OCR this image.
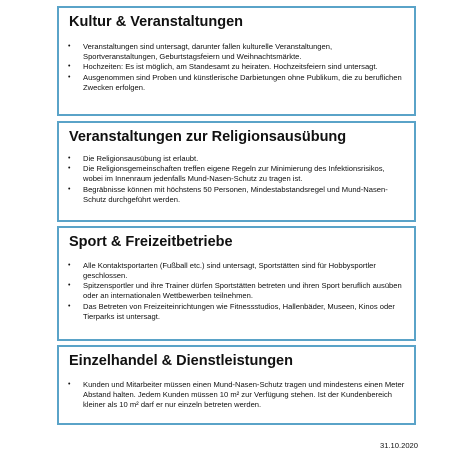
Kultur & Veranstaltungen
• Veranstaltungen sind untersagt, darunter fallen kulturelle Veranstaltungen, Sportveranstaltungen, Geburtstagsfeiern und Weihnachtsmärkte.
• Hochzeiten: Es ist möglich, am Standesamt zu heiraten. Hochzeitsfeiern sind untersagt.
• Ausgenommen sind Proben und künstlerische Darbietungen ohne Publikum, die zu beruflichen Zwecken erfolgen.
Veranstaltungen zur Religionsausübung
• Die Religionsausübung ist erlaubt.
• Die Religionsgemeinschaften treffen eigene Regeln zur Minimierung des Infektionsrisikos, wobei im Innenraum jedenfalls Mund-Nasen-Schutz zu tragen ist.
• Begräbnisse können mit höchstens 50 Personen, Mindestabstandsregel und Mund-Nasen-Schutz durchgeführt werden.
Sport & Freizeitbetriebe
• Alle Kontaktsportarten (Fußball etc.) sind untersagt, Sportstätten sind für Hobbysportler geschlossen.
• Spitzensportler und ihre Trainer dürfen Sportstätten betreten und ihren Sport beruflich ausüben oder an internationalen Wettbewerben teilnehmen.
• Das Betreten von Freizeiteinrichtungen wie Fitnessstudios, Hallenbäder, Museen, Kinos oder Tierparks ist untersagt.
Einzelhandel & Dienstleistungen
• Kunden und Mitarbeiter müssen einen Mund-Nasen-Schutz tragen und mindestens einen Meter Abstand halten. Jedem Kunden müssen 10 m² zur Verfügung stehen. Ist der Kundenbereich kleiner als 10 m² darf er nur einzeln betreten werden.
31.10.2020
